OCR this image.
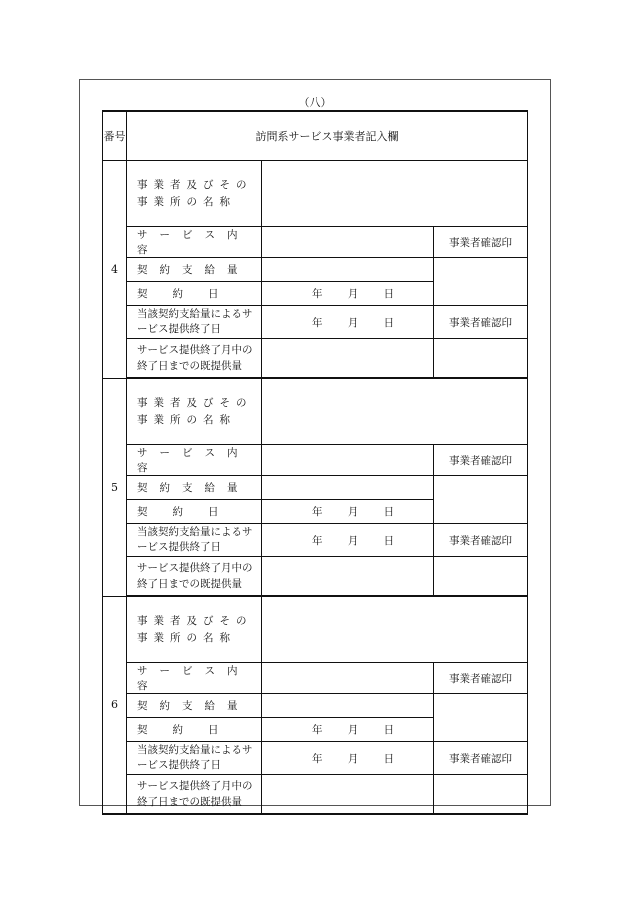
（八）
番号	訪問系サービス事業者記入欄		
4	事業者及びその事業所の名称		
	サービス内容		事業者確認印
	契約支給量		
	契約日	年 月 日	
	当該契約支給量によるサービス提供終了日	年 月 日	事業者確認印
	サービス提供終了月中の終了日までの既提供量		
5	事業者及びその事業所の名称		
	サービス内容		事業者確認印
	契約支給量		
	契約日	年 月 日	
	当該契約支給量によるサービス提供終了日	年 月 日	事業者確認印
	サービス提供終了月中の終了日までの既提供量		
6	事業者及びその事業所の名称		
	サービス内容		事業者確認印
	契約支給量		
	契約日	年 月 日	
	当該契約支給量によるサービス提供終了日	年 月 日	事業者確認印
	サービス提供終了月中の終了日までの既提供量		
